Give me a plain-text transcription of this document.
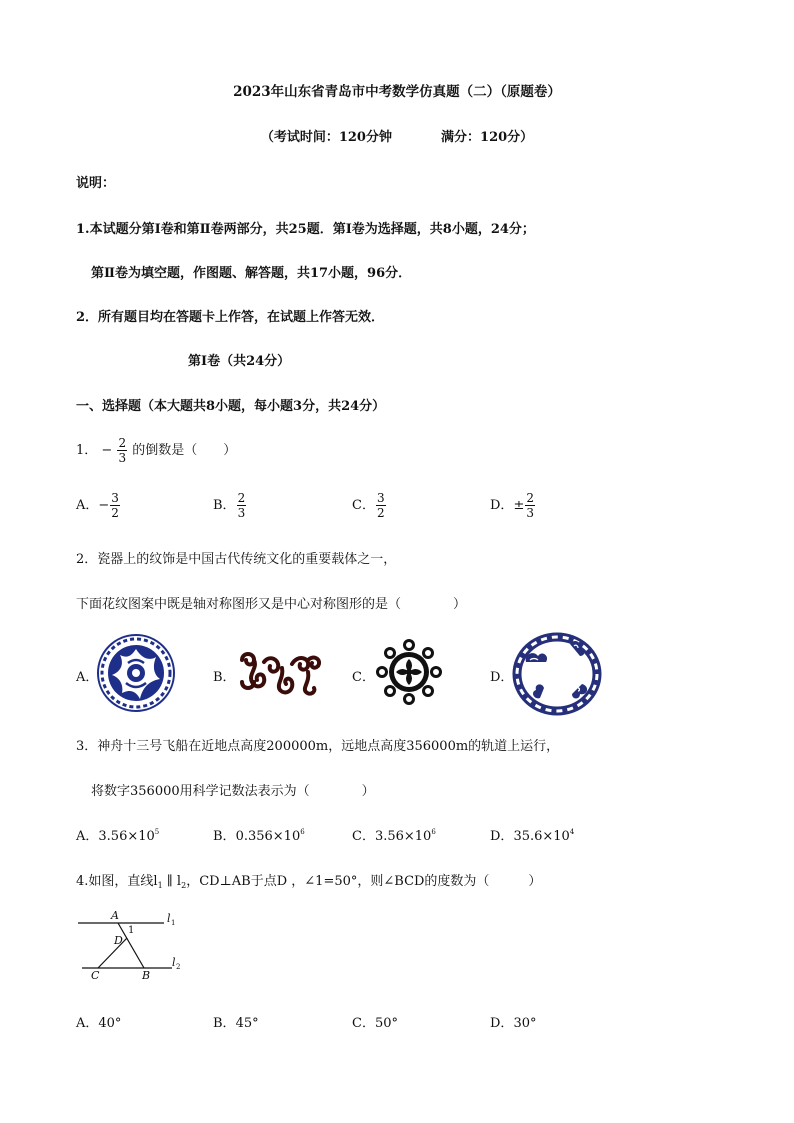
2023年山东省青岛市中考数学仿真题（二）（原题卷）
（考试时间：120分钟	满分：120分）
说明：
1.本试题分第Ⅰ卷和第Ⅱ卷两部分，共25题．第Ⅰ卷为选择题，共8小题，24分；
第Ⅱ卷为填空题，作图题、解答题，共17小题，96分．
2．所有题目均在答题卡上作答，在试题上作答无效．
第Ⅰ卷（共24分）
一、选择题（本大题共8小题，每小题3分，共24分）
1． − $\frac{2}{3}$ 的倒数是（　　）
A．− $\frac{3}{2}$	B． $\frac{2}{3}$	C． $\frac{3}{2}$	D．± $\frac{2}{3}$
2．瓷器上的纹饰是中国古代传统文化的重要载体之一，
下面花纹图案中既是轴对称图形又是中心对称图形的是（　　　　）
A．	B．	C．	D．
3．神舟十三号飞船在近地点高度200000m，远地点高度356000m的轨道上运行，
将数字356000用科学记数法表示为（　　　　）
A．$3.56\times 10^5$	B．$0.356\times 10^6$	C．$3.56\times 10^6$	D．$35.6\times 10^4$
4.如图，直线$l_1$ ∥ $l_2$，CD⊥AB于点D ，∠1=50°，则∠BCD的度数为（　　　）
A
1
D
C	B
l 1
l 2
A．40°	B．45°	C．50°	D．30°
